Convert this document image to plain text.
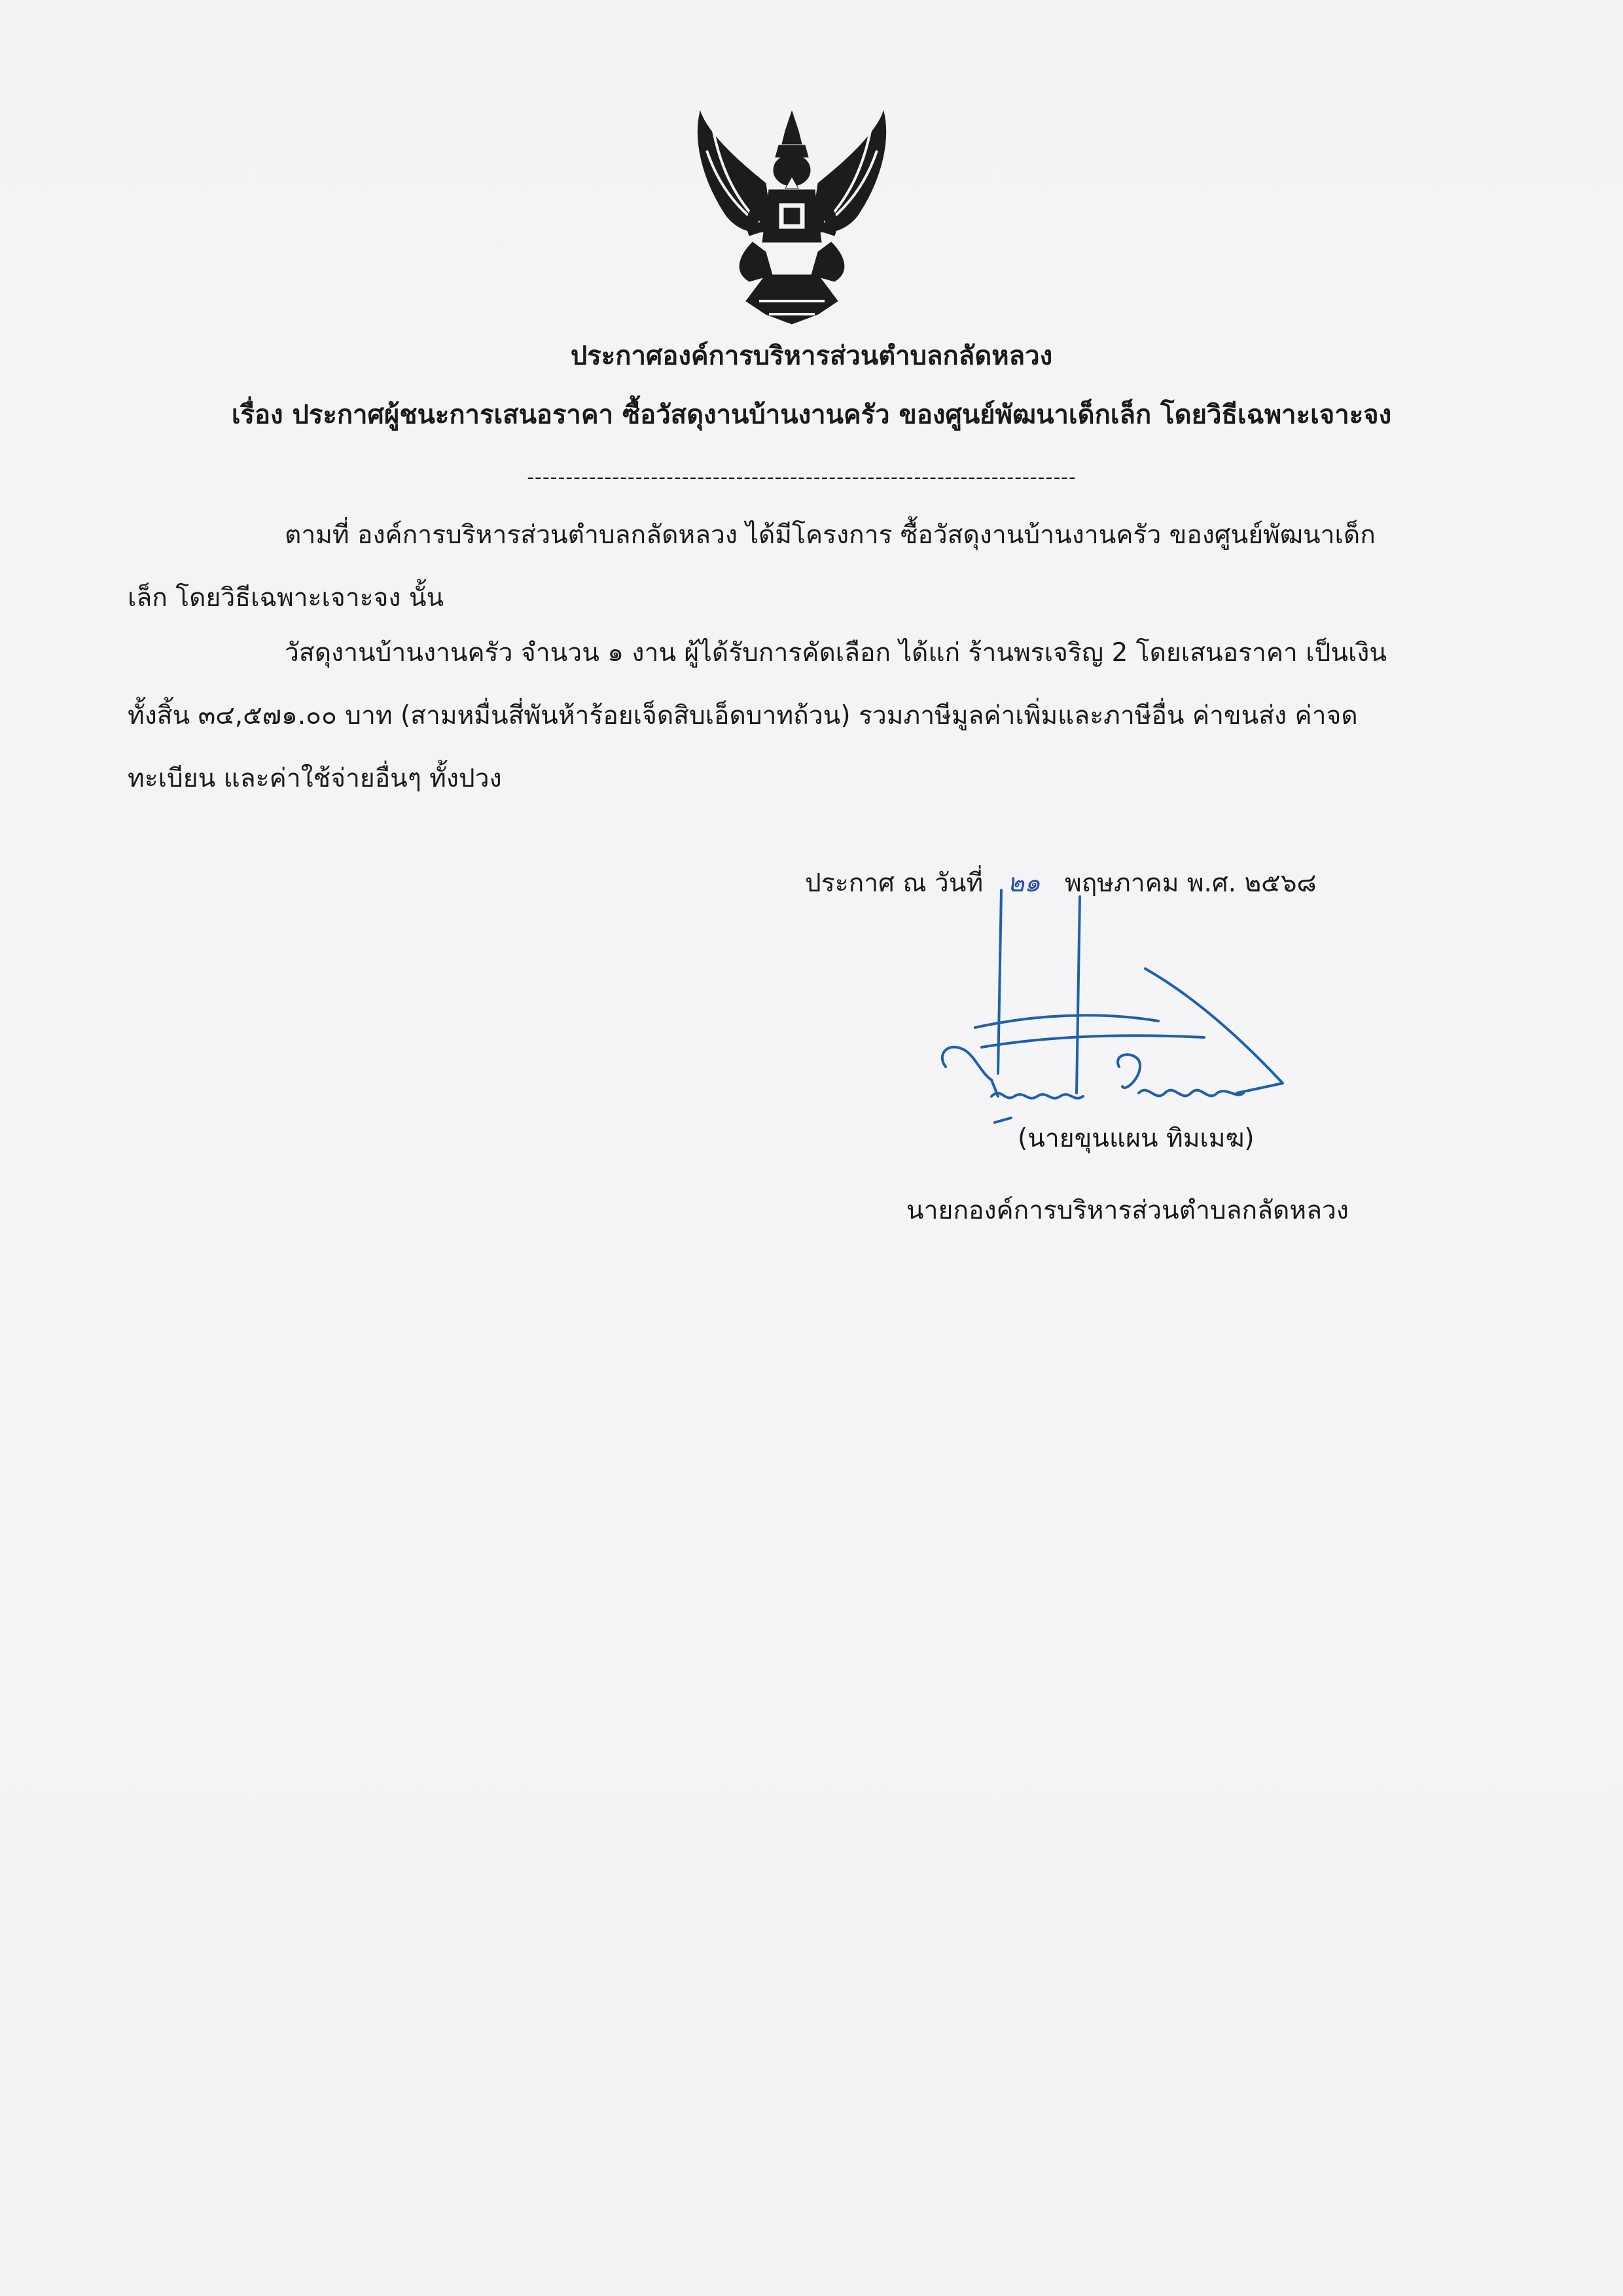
ประกาศองค์การบริหารส่วนตำบลกลัดหลวง
เรื่อง ประกาศผู้ชนะการเสนอราคา ซื้อวัสดุงานบ้านงานครัว ของศูนย์พัฒนาเด็กเล็ก โดยวิธีเฉพาะเจาะจง
-----------------------------------------------------------------------
ตามที่ องค์การบริหารส่วนตำบลกลัดหลวง ได้มีโครงการ ซื้อวัสดุงานบ้านงานครัว ของศูนย์พัฒนาเด็ก
เล็ก โดยวิธีเฉพาะเจาะจง นั้น
วัสดุงานบ้านงานครัว จำนวน ๑ งาน ผู้ได้รับการคัดเลือก ได้แก่ ร้านพรเจริญ 2 โดยเสนอราคา เป็นเงิน
ทั้งสิ้น ๓๔,๕๗๑.๐๐ บาท (สามหมื่นสี่พันห้าร้อยเจ็ดสิบเอ็ดบาทถ้วน) รวมภาษีมูลค่าเพิ่มและภาษีอื่น ค่าขนส่ง ค่าจด
ทะเบียน และค่าใช้จ่ายอื่นๆ ทั้งปวง
ประกาศ ณ วันที่ ๒๑ พฤษภาคม พ.ศ. ๒๕๖๘
(นายขุนแผน ทิมเมฆ)
นายกองค์การบริหารส่วนตำบลกลัดหลวง
